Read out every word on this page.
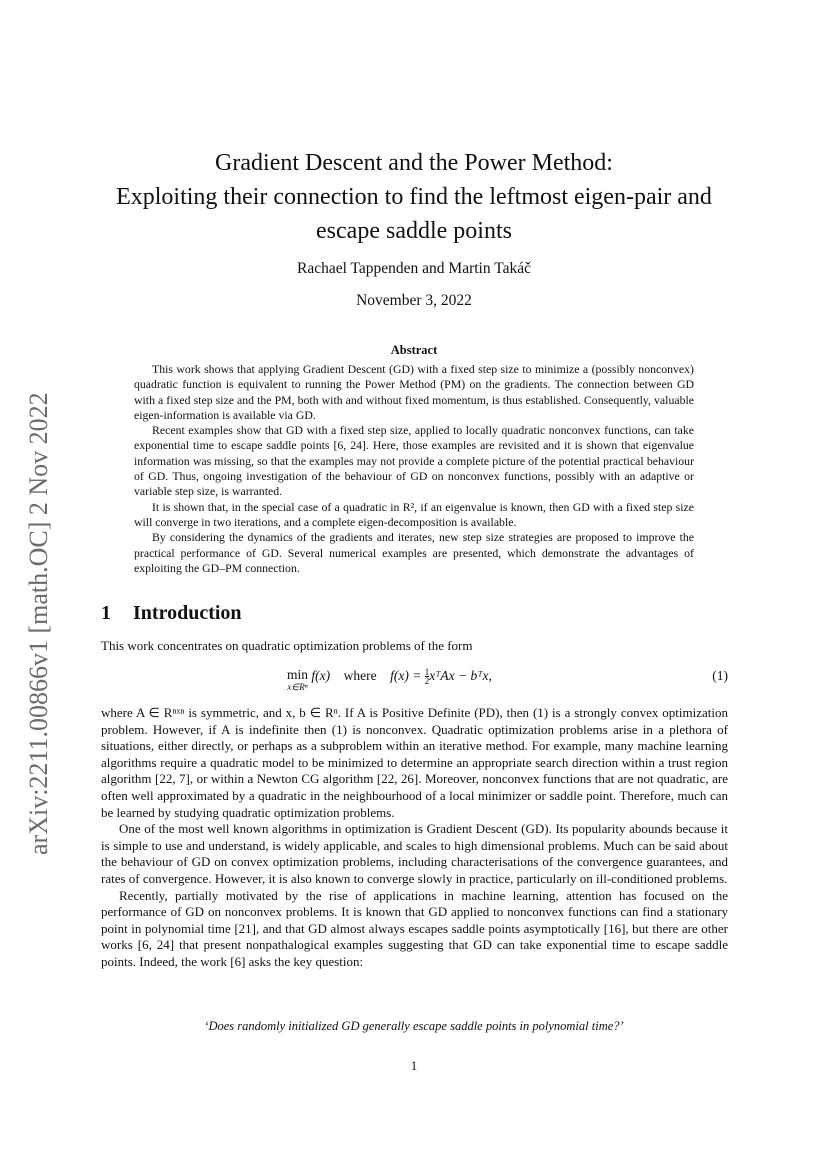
arXiv:2211.00866v1 [math.OC] 2 Nov 2022
Gradient Descent and the Power Method:
Exploiting their connection to find the leftmost eigen-pair and
escape saddle points
Rachael Tappenden and Martin Takáč
November 3, 2022
Abstract

This work shows that applying Gradient Descent (GD) with a fixed step size to minimize a (possibly nonconvex) quadratic function is equivalent to running the Power Method (PM) on the gradients. The connection between GD with a fixed step size and the PM, both with and without fixed momentum, is thus established. Consequently, valuable eigen-information is available via GD.

Recent examples show that GD with a fixed step size, applied to locally quadratic nonconvex functions, can take exponential time to escape saddle points [6, 24]. Here, those examples are revisited and it is shown that eigenvalue information was missing, so that the examples may not provide a complete picture of the potential practical behaviour of GD. Thus, ongoing investigation of the behaviour of GD on nonconvex functions, possibly with an adaptive or variable step size, is warranted.

It is shown that, in the special case of a quadratic in R², if an eigenvalue is known, then GD with a fixed step size will converge in two iterations, and a complete eigen-decomposition is available.

By considering the dynamics of the gradients and iterates, new step size strategies are proposed to improve the practical performance of GD. Several numerical examples are presented, which demonstrate the advantages of exploiting the GD–PM connection.

1 Introduction
This work concentrates on quadratic optimization problems of the form
min
x∈Rⁿ
f(x) where $f(x) = \frac{1}{2}$ xᵀAx − bᵀx,	(1)

where A ∈ Rⁿˣⁿ is symmetric, and x, b ∈ Rⁿ. If A is Positive Definite (PD), then (1) is a strongly convex optimization problem. However, if A is indefinite then (1) is nonconvex. Quadratic optimization problems arise in a plethora of situations, either directly, or perhaps as a subproblem within an iterative method. For example, many machine learning algorithms require a quadratic model to be minimized to determine an appropriate search direction within a trust region algorithm [22, 7], or within a Newton CG algorithm [22, 26]. Moreover, nonconvex functions that are not quadratic, are often well approximated by a quadratic in the neighbourhood of a local minimizer or saddle point. Therefore, much can be learned by studying quadratic optimization problems.

One of the most well known algorithms in optimization is Gradient Descent (GD). Its popularity abounds because it is simple to use and understand, is widely applicable, and scales to high dimensional problems. Much can be said about the behaviour of GD on convex optimization problems, including characterisations of the convergence guarantees, and rates of convergence. However, it is also known to converge slowly in practice, particularly on ill-conditioned problems.

Recently, partially motivated by the rise of applications in machine learning, attention has focused on the performance of GD on nonconvex problems. It is known that GD applied to nonconvex functions can find a stationary point in polynomial time [21], and that GD almost always escapes saddle points asymptotically [16], but there are other works [6, 24] that present nonpathalogical examples suggesting that GD can take exponential time to escape saddle points. Indeed, the work [6] asks the key question:

‘Does randomly initialized GD generally escape saddle points in polynomial time?’
1
